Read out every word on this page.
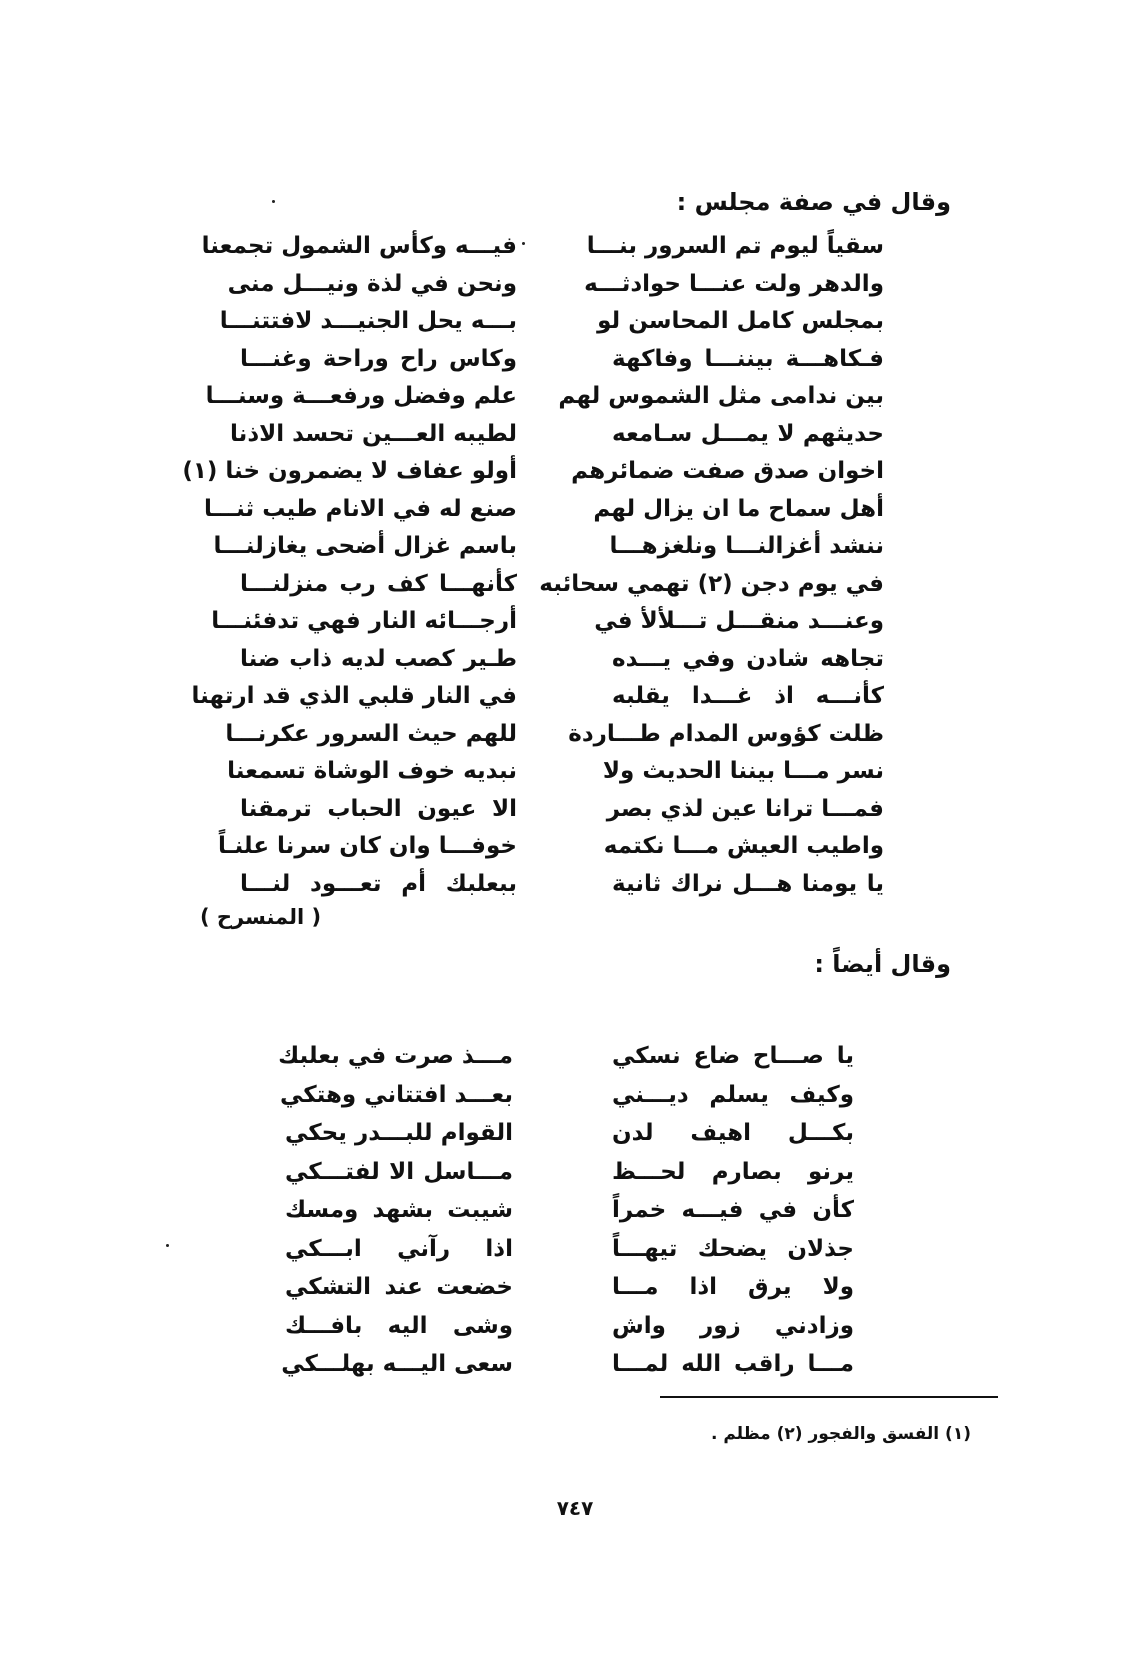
وقال في صفة مجلس :
سقياً ليوم تم السرور بنـــا
فيـــه وكأس الشمول تجمعنا
والدهر ولت عنـــا حوادثـــه
ونحن في لذة ونيـــل منى
بمجلس كامل المحاسن لو
بـــه يحل الجنيـــد لافتتنـــا
فـكاهـــة بيننـــا وفاكهة
وكاس راح وراحة وغنـــا
بين ندامى مثل الشموس لهم
علم وفضل ورفعـــة وسنـــا
حديثهم لا يمـــل سـامعه
لطيبه العـــين تحسد الاذنا
اخوان صدق صفت ضمائرهم
أولو عفاف لا يضمرون خنا (١)
أهل سماح ما ان يزال لهم
صنع له في الانام طيب ثنـــا
ننشد أغزالنـــا ونلغزهـــا
باسم غزال أضحى يغازلنـــا
في يوم دجن (٢) تهمي سحائبه
كأنهـــا كف رب منزلنـــا
وعنـــد منقـــل تـــلألأ في
أرجـــائه النار فهي تدفئنـــا
تجاهه شادن وفي يـــده
طـير كصب لديه ذاب ضنا
كأنـــه اذ غـــدا يقلبه
في النار قلبي الذي قد ارتهنا
ظلت كؤوس المدام طـــاردة
للهم حيث السرور عكرنـــا
نسر مـــا بيننا الحديث ولا
نبديه خوف الوشاة تسمعنا
فمـــا ترانا عين لذي بصر
الا عيون الحباب ترمقنا
واطيب العيش مـــا نكتمه
خوفـــا وان كان سرنا علنـاً
يا يومنا هـــل نراك ثانية
ببعلبك أم تعـــود لنـــا
( المنسرح )
وقال أيضاً :
يا صـــاح ضاع نسكي
مـــذ صرت في بعلبك
وكيف يسلم ديـــني
بعـــد افتتاني وهتكي
بكـــل اهيف لدن
القوام للبـــدر يحكي
يرنو بصارم لحـــظ
مـــاسل الا لفتـــكي
كأن في فيـــه خمراً
شيبت بشهد ومسك
جذلان يضحك تيهـــاً
اذا رآني ابـــكي
ولا يرق اذا مـــا
خضعت عند التشكي
وزادني زور واش
وشى اليه بافـــك
مـــا راقب الله لمـــا
سعى اليـــه بهلـــكي
(١) الفسق والفجور (٢) مظلم .
٧٤٧
